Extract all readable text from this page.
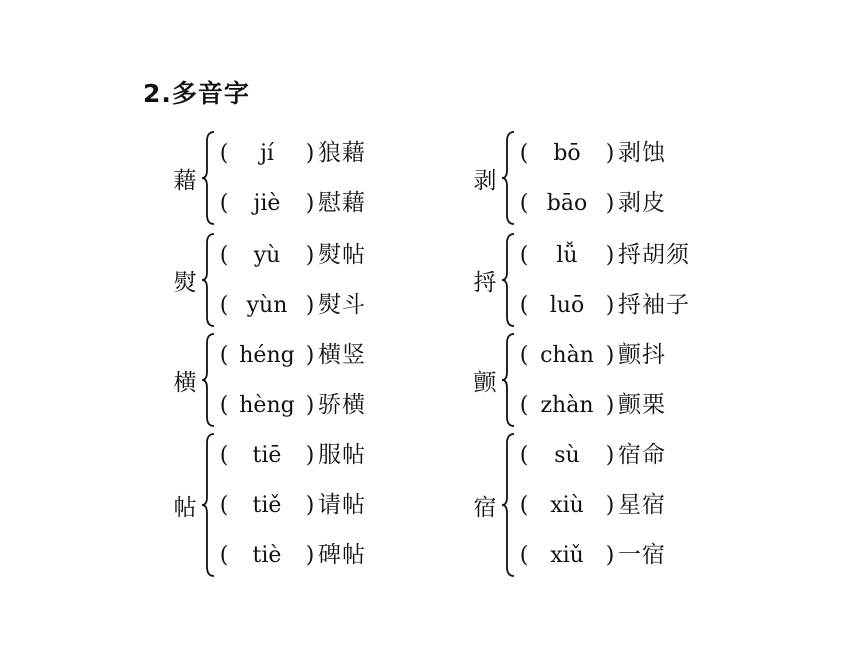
2.多音字
藉
( jí ) 狼藉
( jiè ) 慰藉
熨
( yù ) 熨帖
( yùn ) 熨斗
横
( héng ) 横竖
( hèng ) 骄横
帖
( tiē ) 服帖
( tiě ) 请帖
( tiè ) 碑帖
剥
( bō ) 剥蚀
( bāo ) 剥皮
捋
( lǚ ) 捋胡须
( luō ) 捋袖子
颤
( chàn ) 颤抖
( zhàn ) 颤栗
宿
( sù ) 宿命
( xiù ) 星宿
( xiǔ ) 一宿
